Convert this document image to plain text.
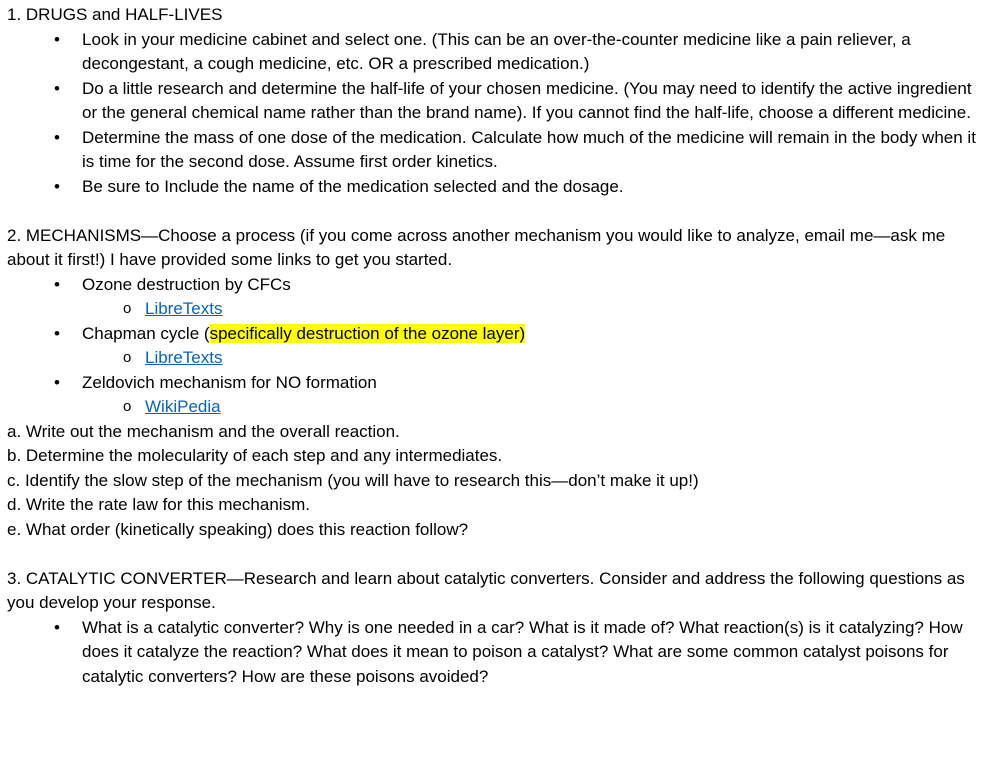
1. DRUGS and HALF-LIVES

• Look in your medicine cabinet and select one. (This can be an over-the-counter medicine like a pain reliever, a decongestant, a cough medicine, etc. OR a prescribed medication.)
• Do a little research and determine the half-life of your chosen medicine. (You may need to identify the active ingredient or the general chemical name rather than the brand name). If you cannot find the half-life, choose a different medicine.
• Determine the mass of one dose of the medication. Calculate how much of the medicine will remain in the body when it is time for the second dose. Assume first order kinetics.
• Be sure to Include the name of the medication selected and the dosage.

2. MECHANISMS—Choose a process (if you come across another mechanism you would like to analyze, email me—ask me about it first!) I have provided some links to get you started.

• Ozone destruction by CFCs
o LibreTexts
• Chapman cycle (specifically destruction of the ozone layer)
o LibreTexts
• Zeldovich mechanism for NO formation
o WikiPedia

a. Write out the mechanism and the overall reaction.

b. Determine the molecularity of each step and any intermediates.

c. Identify the slow step of the mechanism (you will have to research this—don’t make it up!)

d. Write the rate law for this mechanism.

e. What order (kinetically speaking) does this reaction follow?

3. CATALYTIC CONVERTER—Research and learn about catalytic converters. Consider and address the following questions as you develop your response.

• What is a catalytic converter? Why is one needed in a car? What is it made of? What reaction(s) is it catalyzing? How does it catalyze the reaction? What does it mean to poison a catalyst? What are some common catalyst poisons for catalytic converters? How are these poisons avoided?
